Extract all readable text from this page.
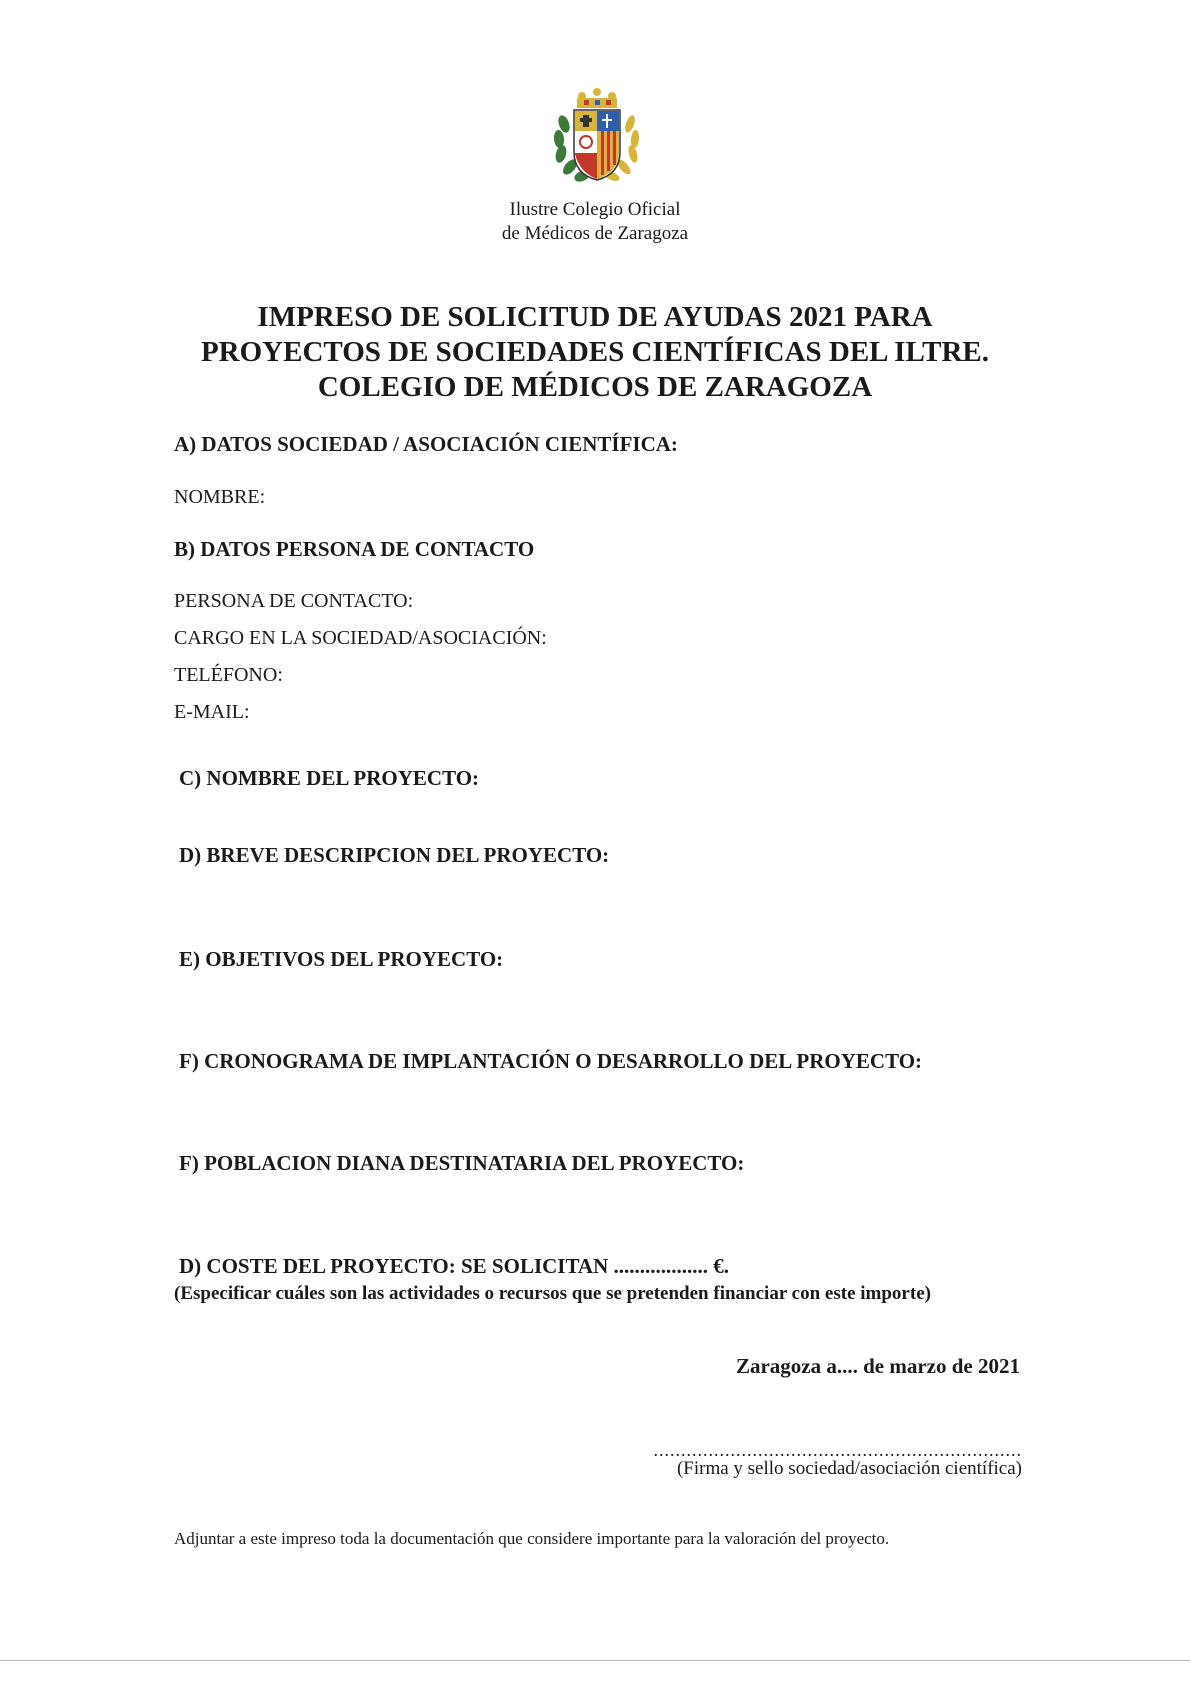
Ilustre Colegio Oficial
de Médicos de Zaragoza
IMPRESO DE SOLICITUD DE AYUDAS 2021 PARA
PROYECTOS DE SOCIEDADES CIENTÍFICAS DEL ILTRE.
COLEGIO DE MÉDICOS DE ZARAGOZA
A) DATOS SOCIEDAD / ASOCIACIÓN CIENTÍFICA:
NOMBRE:
B) DATOS PERSONA DE CONTACTO
PERSONA DE CONTACTO:
CARGO EN LA SOCIEDAD/ASOCIACIÓN:
TELÉFONO:
E-MAIL:
C) NOMBRE DEL PROYECTO:
D) BREVE DESCRIPCION DEL PROYECTO:
E) OBJETIVOS DEL PROYECTO:
F) CRONOGRAMA DE IMPLANTACIÓN O DESARROLLO DEL PROYECTO:
F) POBLACION DIANA DESTINATARIA DEL PROYECTO:
D) COSTE DEL PROYECTO: SE SOLICITAN .................. €.
(Especificar cuáles son las actividades o recursos que se pretenden financiar con este importe)
Zaragoza a.... de marzo de 2021
...................................................................
(Firma y sello sociedad/asociación científica)
Adjuntar a este impreso toda la documentación que considere importante para la valoración del proyecto.
